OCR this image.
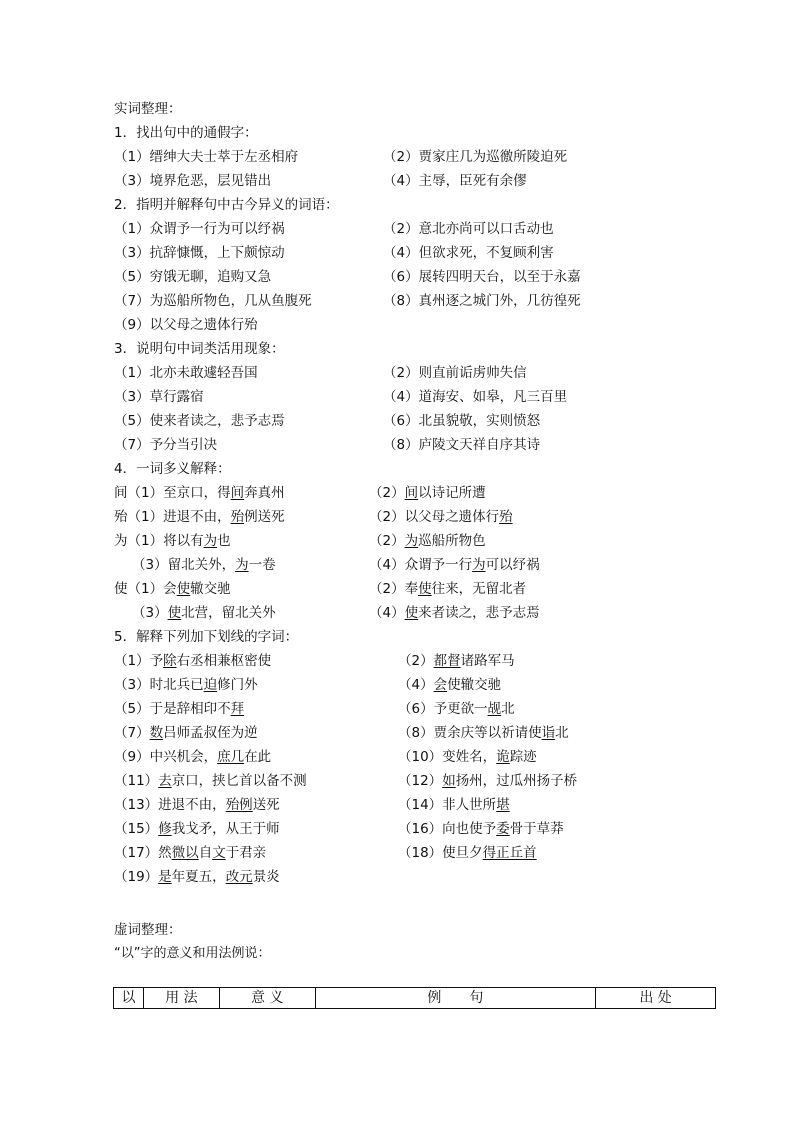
实词整理：
1．找出句中的通假字：
（1）缙绅大夫士萃于左丞相府	（2）贾家庄几为巡徼所陵迫死
（3）境界危恶，层见错出	（4）主辱，臣死有余僇
2．指明并解释句中古今异义的词语：
（1）众谓予一行为可以纾祸	（2）意北亦尚可以口舌动也
（3）抗辞慷慨，上下颇惊动	（4）但欲求死，不复顾利害
（5）穷饿无聊，追购又急	（6）展转四明天台，以至于永嘉
（7）为巡船所物色，几从鱼腹死	（8）真州逐之城门外，几彷徨死
（9）以父母之遗体行殆
3．说明句中词类活用现象：
（1）北亦未敢遽轻吾国	（2）则直前诟虏帅失信
（3）草行露宿	（4）道海安、如皋，凡三百里
（5）使来者读之，悲予志焉	（6）北虽貌敬，实则愤怒
（7）予分当引决	（8）庐陵文天祥自序其诗
4．一词多义解释：
间（1）至京口，得间奔真州	（2）间以诗记所遭
殆（1）进退不由，殆例送死	（2）以父母之遗体行殆
为（1）将以有为也	（2）为巡船所物色
（3）留北关外，为一卷	（4）众谓予一行为可以纾祸
使（1）会使辙交驰	（2）奉使往来，无留北者
（3）使北营，留北关外	（4）使来者读之，悲予志焉
5．解释下列加下划线的字词：
（1）予除右丞相兼枢密使	（2）都督诸路军马
（3）时北兵已迫修门外	（4）会使辙交驰
（5）于是辞相印不拜	（6）予更欲一觇北
（7）数吕师孟叔侄为逆	（8）贾余庆等以祈请使诣北
（9）中兴机会，庶几在此	（10）变姓名，诡踪迹
（11）去京口，挟匕首以备不测	（12）如扬州，过瓜州扬子桥
（13）进退不由，殆例送死	（14）非人世所堪
（15）修我戈矛，从王于师	（16）向也使予委骨于草莽
（17）然微以自文于君亲	（18）使旦夕得正丘首
（19）是年夏五，改元景炎
虚词整理：
“以”字的意义和用法例说：
以	用 法	意 义	例　　句	出 处
